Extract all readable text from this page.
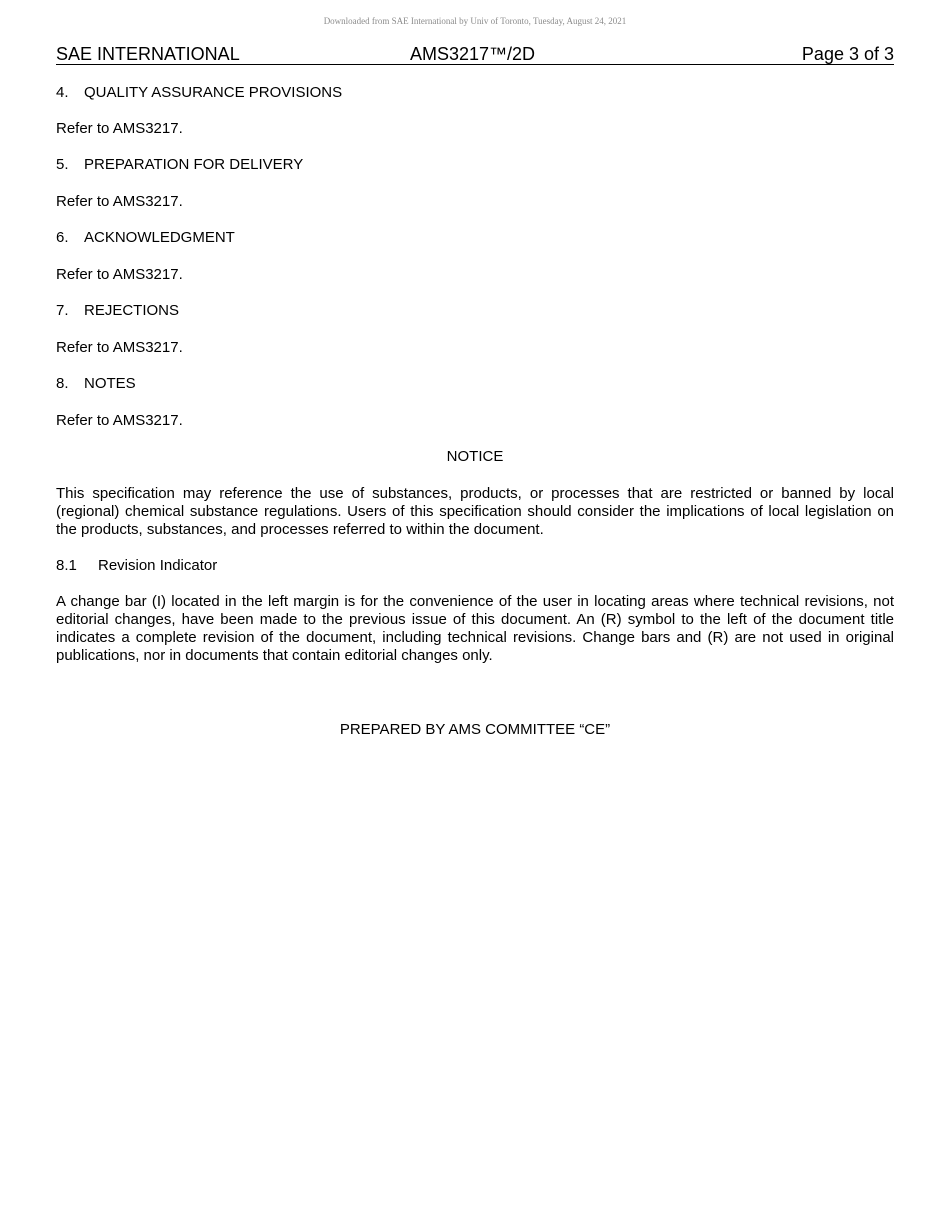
Downloaded from SAE International by Univ of Toronto, Tuesday, August 24, 2021
SAE INTERNATIONAL	AMS3217™/2D	Page 3 of 3
4. QUALITY ASSURANCE PROVISIONS
Refer to AMS3217.
5. PREPARATION FOR DELIVERY
Refer to AMS3217.
6. ACKNOWLEDGMENT
Refer to AMS3217.
7. REJECTIONS
Refer to AMS3217.
8. NOTES
Refer to AMS3217.
NOTICE
This specification may reference the use of substances, products, or processes that are restricted or banned by local (regional) chemical substance regulations. Users of this specification should consider the implications of local legislation on the products, substances, and processes referred to within the document.
8.1 Revision Indicator
A change bar (I) located in the left margin is for the convenience of the user in locating areas where technical revisions, not editorial changes, have been made to the previous issue of this document. An (R) symbol to the left of the document title indicates a complete revision of the document, including technical revisions. Change bars and (R) are not used in original publications, nor in documents that contain editorial changes only.
PREPARED BY AMS COMMITTEE “CE”
